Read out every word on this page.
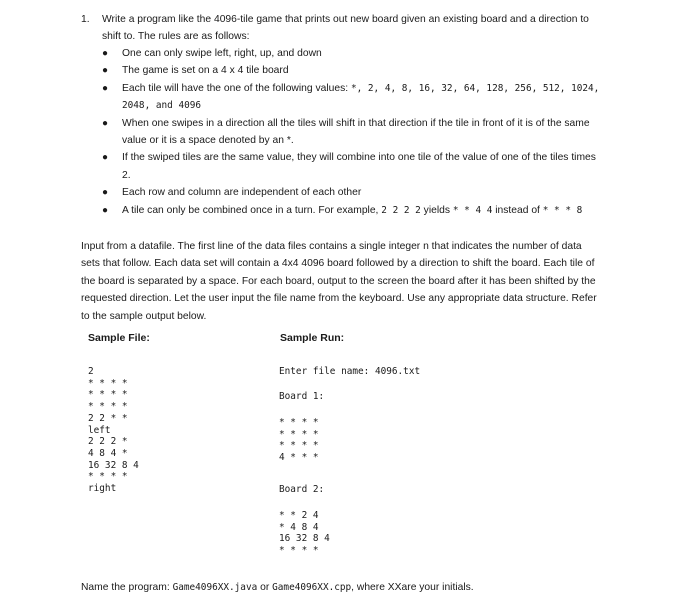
1. Write a program like the 4096-tile game that prints out new board given an existing board and a direction to shift to. The rules are as follows:
● One can only swipe left, right, up, and down
● The game is set on a 4 x 4 tile board
● Each tile will have the one of the following values: *, 2, 4, 8, 16, 32, 64, 128, 256, 512, 1024, 2048, and 4096
● When one swipes in a direction all the tiles will shift in that direction if the tile in front of it is of the same value or it is a space denoted by an *.
● If the swiped tiles are the same value, they will combine into one tile of the value of one of the tiles times 2.
● Each row and column are independent of each other
● A tile can only be combined once in a turn. For example, 2 2 2 2 yields * * 4 4 instead of * * * 8
Input from a datafile. The first line of the data files contains a single integer n that indicates the number of data sets that follow. Each data set will contain a 4x4 4096 board followed by a direction to shift the board. Each tile of the board is separated by a space. For each board, output to the screen the board after it has been shifted by the requested direction. Let the user input the file name from the keyboard. Use any appropriate data structure. Refer to the sample output below.
Sample File:	Sample Run:
2
* * * *
* * * *
* * * *
2 2 * *
left
2 2 2 *
4 8 4 *
16 32 8 4
* * * *
right
Enter file name: 4096.txt
Board 1:
* * * *
* * * *
* * * *
4 * * *
Board 2:
* * 2 4
* 4 8 4
16 32 8 4
* * * *
Name the program: Game4096XX.java or Game4096XX.cpp, where XXare your initials.
